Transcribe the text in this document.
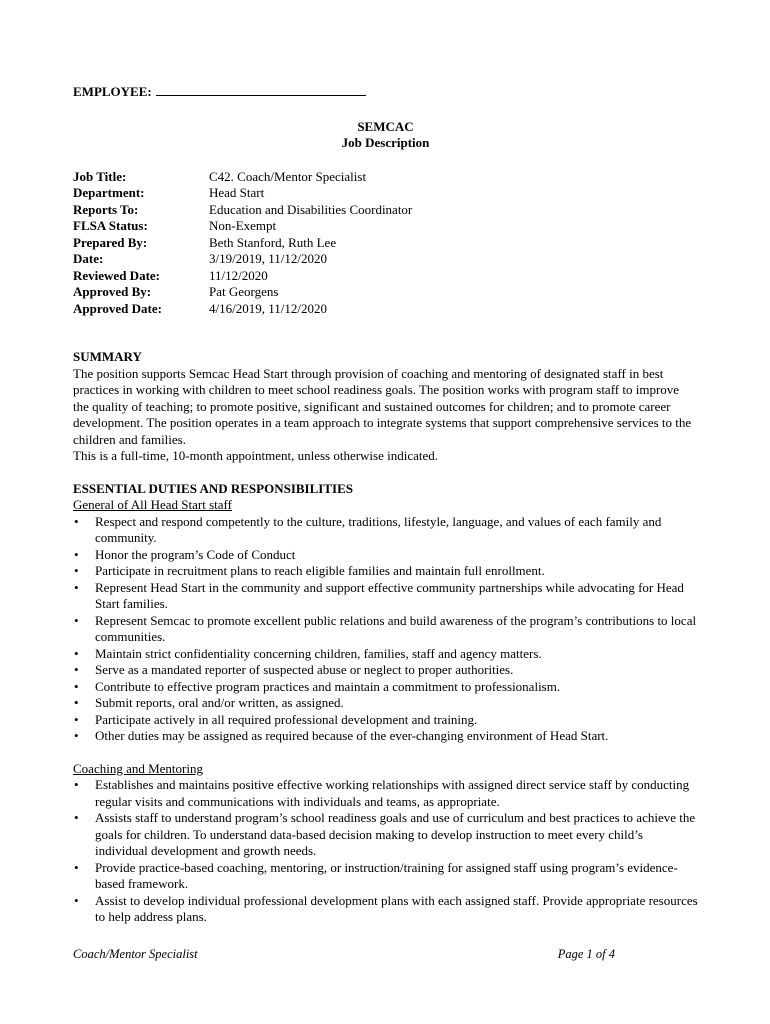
EMPLOYEE:
SEMCAC
Job Description
Job Title:	C42. Coach/Mentor Specialist
Department:	Head Start
Reports To:	Education and Disabilities Coordinator
FLSA Status:	Non-Exempt
Prepared By:	Beth Stanford, Ruth Lee
Date:	3/19/2019, 11/12/2020
Reviewed Date:	11/12/2020
Approved By:	Pat Georgens
Approved Date:	4/16/2019, 11/12/2020
SUMMARY

The position supports Semcac Head Start through provision of coaching and mentoring of designated staff in best practices in working with children to meet school readiness goals. The position works with program staff to improve the quality of teaching; to promote positive, significant and sustained outcomes for children; and to promote career development. The position operates in a team approach to integrate systems that support comprehensive services to the children and families.

This is a full-time, 10-month appointment, unless otherwise indicated.
ESSENTIAL DUTIES AND RESPONSIBILITIES
General of All Head Start staff
• Respect and respond competently to the culture, traditions, lifestyle, language, and values of each family and community.
• Honor the program’s Code of Conduct
• Participate in recruitment plans to reach eligible families and maintain full enrollment.
• Represent Head Start in the community and support effective community partnerships while advocating for Head Start families.
• Represent Semcac to promote excellent public relations and build awareness of the program’s contributions to local communities.
• Maintain strict confidentiality concerning children, families, staff and agency matters.
• Serve as a mandated reporter of suspected abuse or neglect to proper authorities.
• Contribute to effective program practices and maintain a commitment to professionalism.
• Submit reports, oral and/or written, as assigned.
• Participate actively in all required professional development and training.
• Other duties may be assigned as required because of the ever-changing environment of Head Start.
Coaching and Mentoring
• Establishes and maintains positive effective working relationships with assigned direct service staff by conducting regular visits and communications with individuals and teams, as appropriate.
• Assists staff to understand program’s school readiness goals and use of curriculum and best practices to achieve the goals for children. To understand data-based decision making to develop instruction to meet every child’s individual development and growth needs.
• Provide practice-based coaching, mentoring, or instruction/training for assigned staff using program’s evidence-based framework.
• Assist to develop individual professional development plans with each assigned staff. Provide appropriate resources to help address plans.
Coach/Mentor Specialist	Page 1 of 4
